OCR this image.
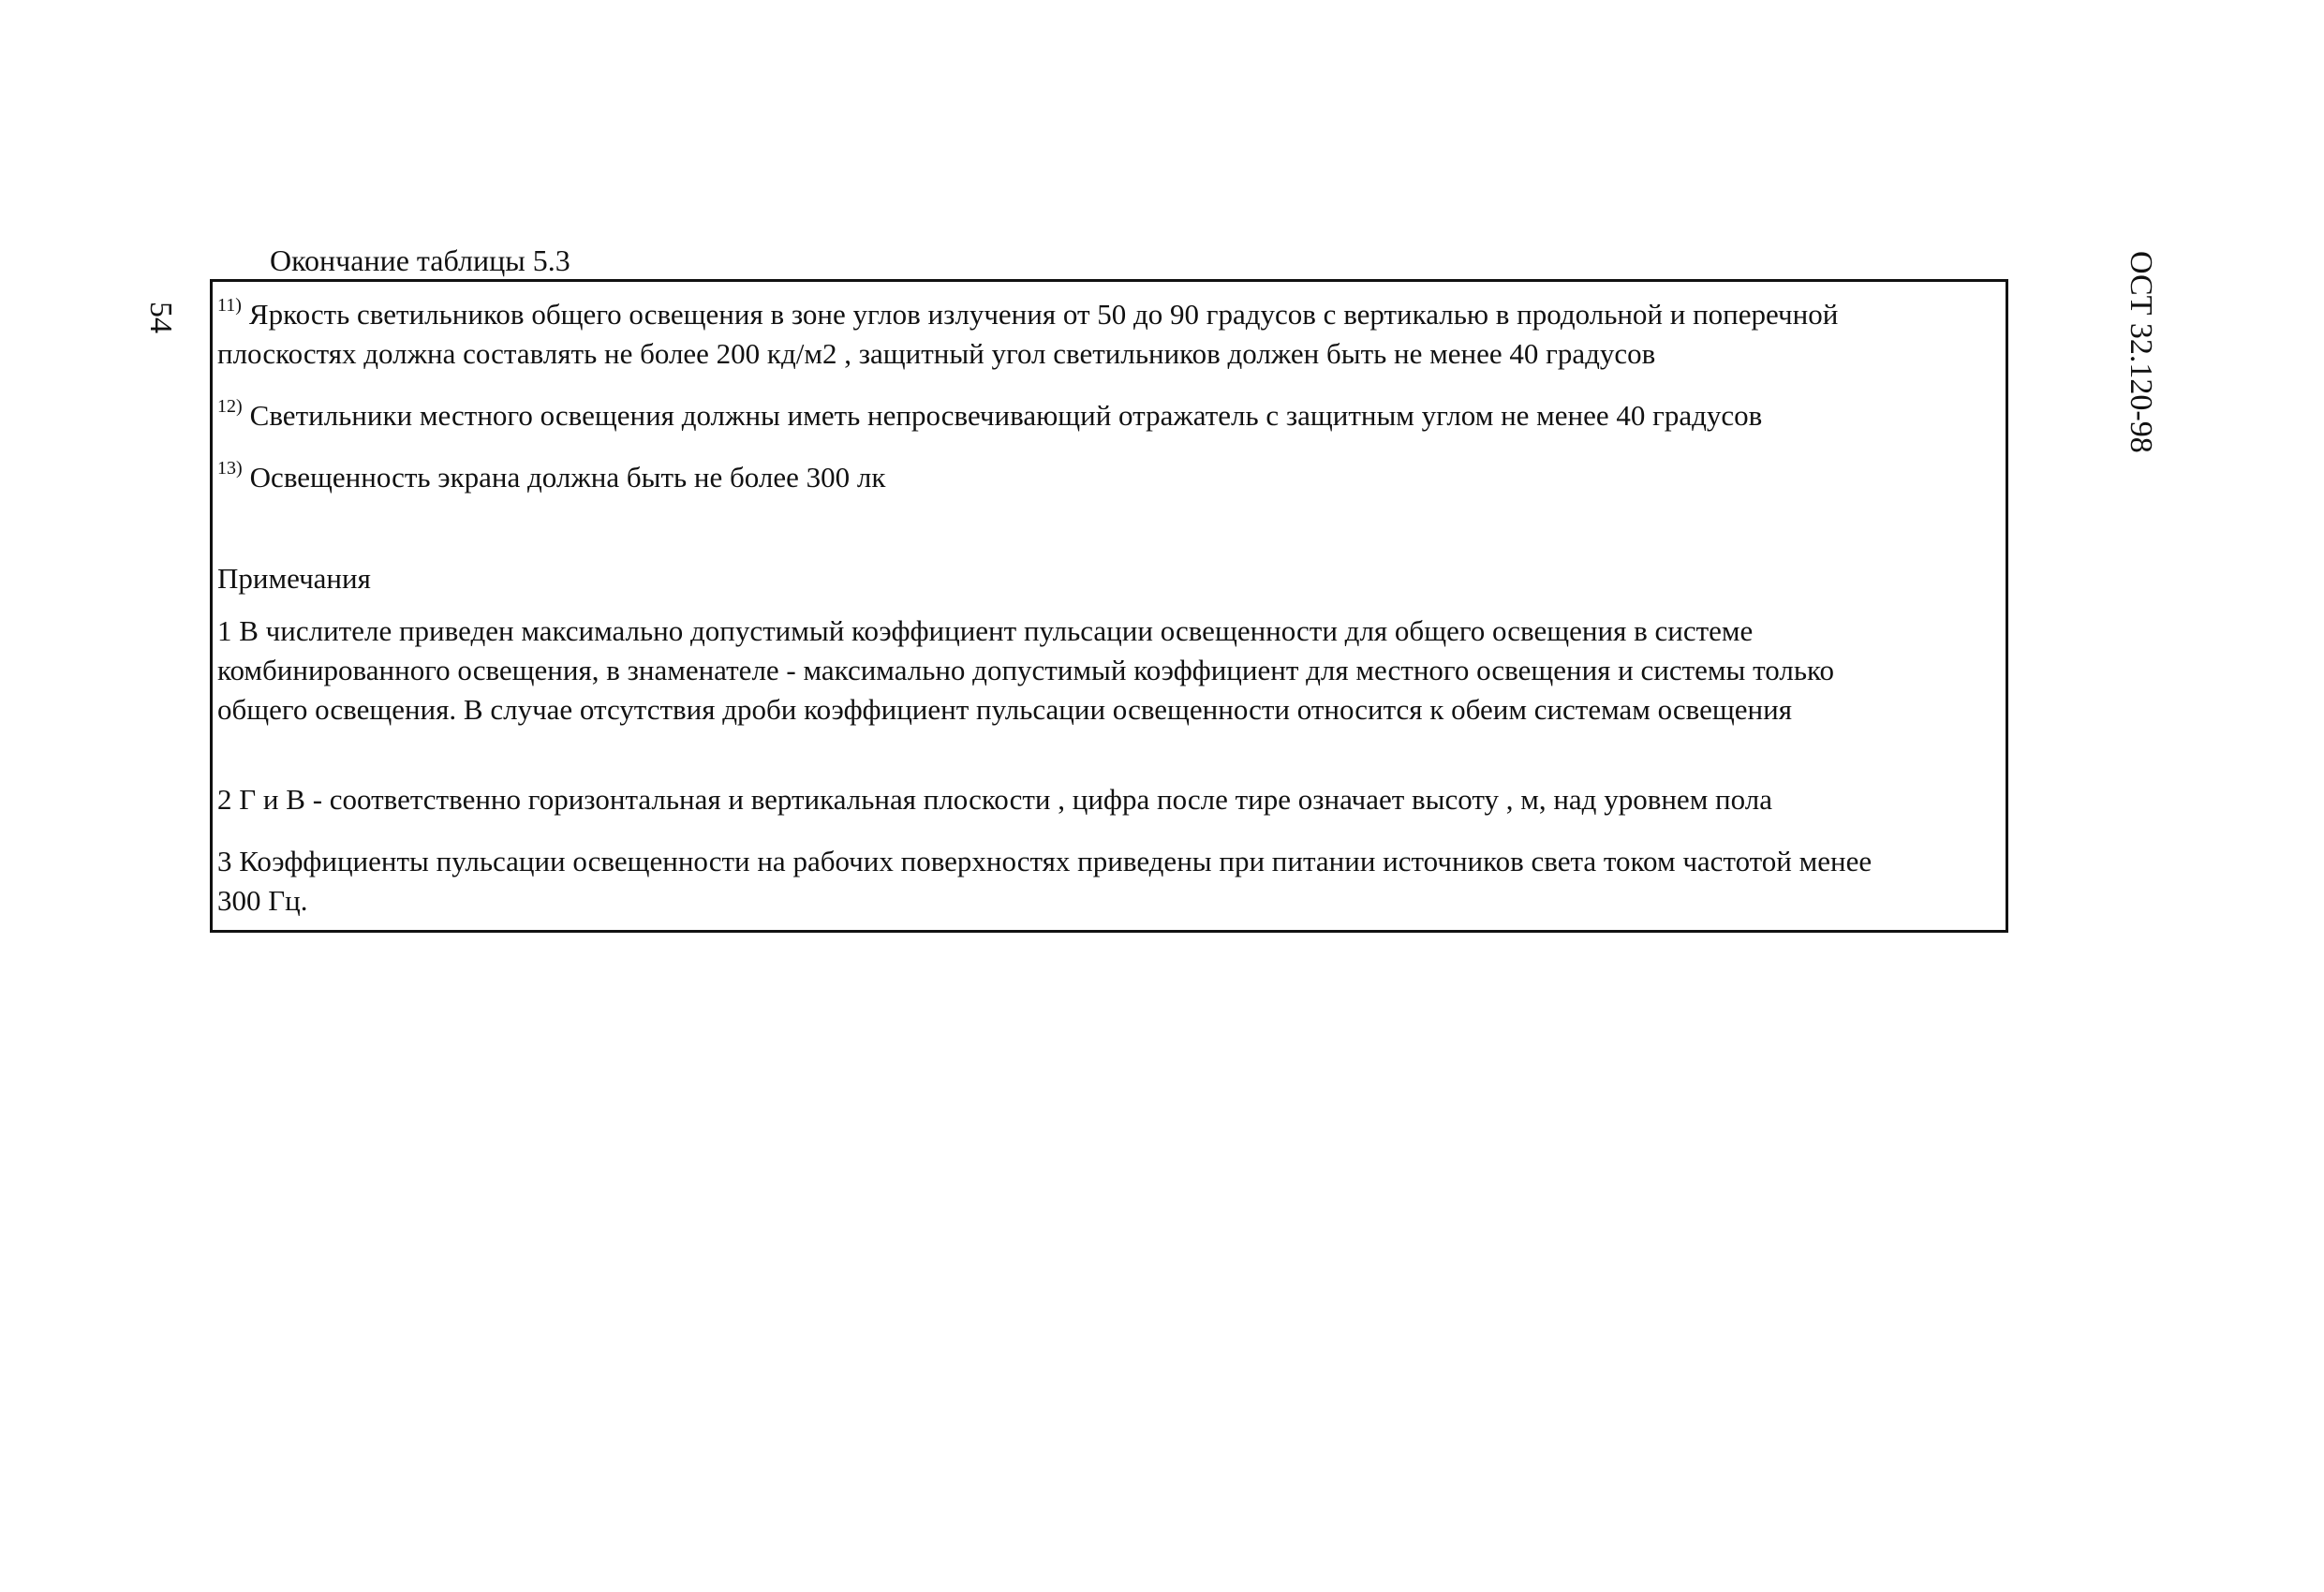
54	ОСТ 32.120-98
Окончание таблицы 5.3
$^{11)}$ Яркость светильников общего освещения в зоне углов излучения от 50 до 90 градусов с вертикалью в продольной и поперечной
плоскостях должна составлять не более 200 кд/м2 , защитный угол светильников должен быть не менее 40 градусов
$^{12)}$ Светильники местного освещения должны иметь непросвечивающий отражатель с защитным углом не менее 40 градусов
$^{13)}$ Освещенность экрана должна быть не более 300 лк
Примечания
1 В числителе приведен максимально допустимый коэффициент пульсации освещенности для общего освещения в системе
комбинированного освещения, в знаменателе - максимально допустимый коэффициент для местного освещения и системы только
общего освещения. В случае отсутствия дроби коэффициент пульсации освещенности относится к обеим системам освещения
2 Г и В - соответственно горизонтальная и вертикальная плоскости , цифра после тире означает высоту , м, над уровнем пола
3 Коэффициенты пульсации освещенности на рабочих поверхностях приведены при питании источников света током частотой менее
300 Гц.
